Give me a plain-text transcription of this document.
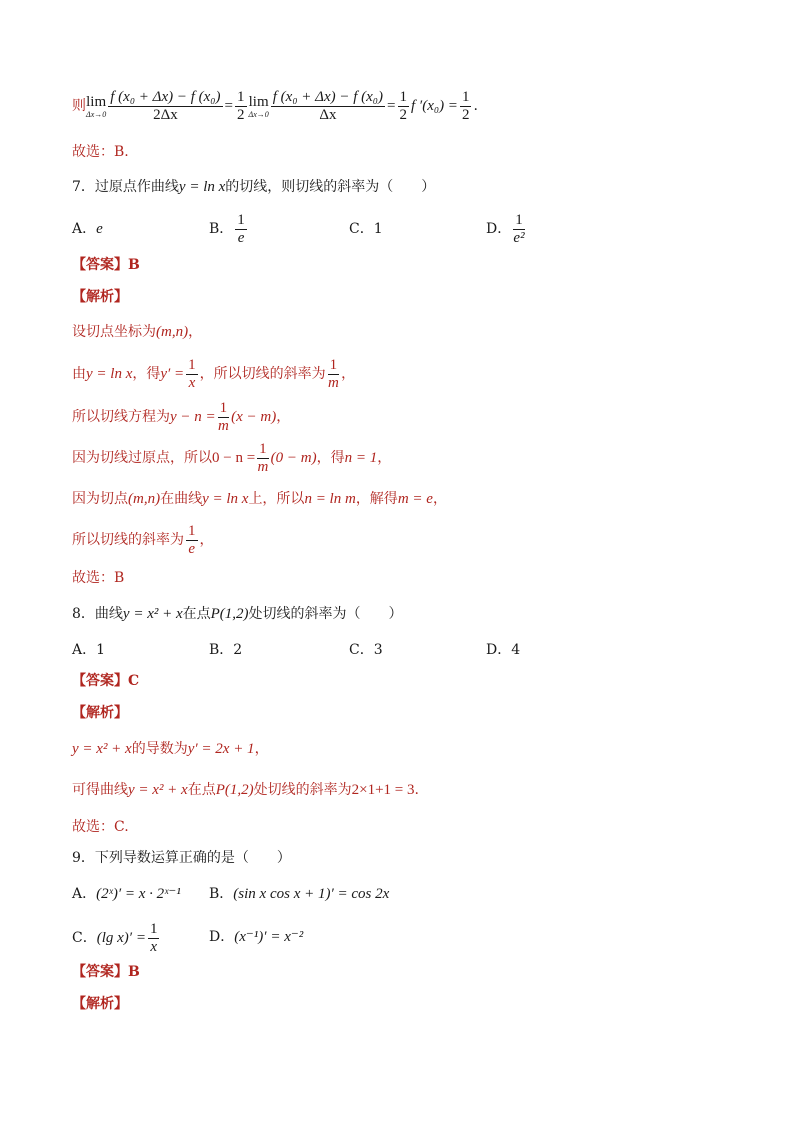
则 lim
$\Delta x\to 0 \frac{\text{f (x₀ + Δx) − f (x₀)}}{2\Delta x} = \frac{1}{2}$ lim
$\Delta x\to 0 \frac{\text{f (x₀ + Δx) − f (x₀)}}{\Delta x} = \frac{1}{2}$ f $'(x_0) = \frac{1}{2}$ .
故选：B.
7．过原点作曲线y = ln x的切线，则切线的斜率为（　　）
A．e	B． $\frac{1}{e}$	C．1	D． $\frac{1}{\text{e²}}$
【答案】B
【解析】
设切点坐标为(m,n)，
由 y = ln x ，得 $y' = \frac{1}{x}$ ，所以切线的斜率为 $\frac{1}{m}$ ，
所以切线方程为 $y - n = \frac{1}{m} (x - m)$ ，
因为切线过原点，所以 $0 - n = \frac{1}{m} (0 - m)$ ，得 n = 1 ，
因为切点(m,n)在曲线y = ln x上，所以n = ln m，解得m = e，
所以切线的斜率为 $\frac{1}{e}$ ，
故选：B
8．曲线y = x² + x在点P(1,2)处切线的斜率为（　　）
A．1	B．2	C．3	D．4
【答案】C
【解析】
y = x² + x的导数为y′ = 2x + 1，
可得曲线y = x² + x在点P(1,2)处切线的斜率为2×1+1 = 3.
故选：C.
9．下列导数运算正确的是（　　）
A．(2ˣ)′ = x · 2ˣ⁻¹ B．(sin x cos x + 1)′ = cos 2x
C． (lg $x)' = \frac{1}{x}$	D．(x⁻¹)′ = x⁻²
【答案】B
【解析】
